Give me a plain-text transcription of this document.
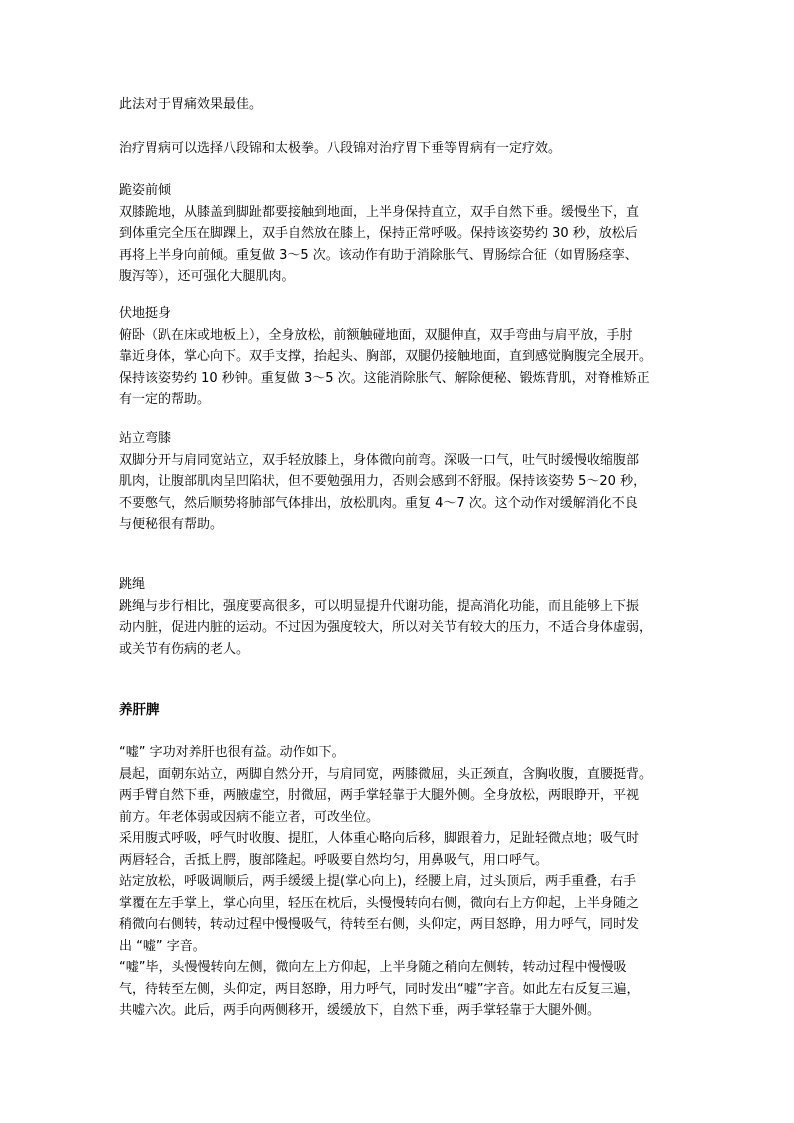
此法对于胃痛效果最佳。
治疗胃病可以选择八段锦和太极拳。八段锦对治疗胃下垂等胃病有一定疗效。
跪姿前倾
双膝跪地，从膝盖到脚趾都要接触到地面，上半身保持直立，双手自然下垂。缓慢坐下，直
到体重完全压在脚踝上，双手自然放在膝上，保持正常呼吸。保持该姿势约 30 秒，放松后
再将上半身向前倾。重复做 3～5 次。该动作有助于消除胀气、胃肠综合征（如胃肠痉挛、
腹泻等），还可强化大腿肌肉。
伏地挺身
俯卧（趴在床或地板上），全身放松，前额触碰地面，双腿伸直，双手弯曲与肩平放，手肘
靠近身体，掌心向下。双手支撑，抬起头、胸部，双腿仍接触地面，直到感觉胸腹完全展开。
保持该姿势约 10 秒钟。重复做 3～5 次。这能消除胀气、解除便秘、锻炼背肌，对脊椎矫正
有一定的帮助。
站立弯膝
双脚分开与肩同宽站立，双手轻放膝上，身体微向前弯。深吸一口气，吐气时缓慢收缩腹部
肌肉，让腹部肌肉呈凹陷状，但不要勉强用力，否则会感到不舒服。保持该姿势 5～20 秒，
不要憋气，然后顺势将肺部气体排出，放松肌肉。重复 4～7 次。这个动作对缓解消化不良
与便秘很有帮助。
跳绳
跳绳与步行相比，强度要高很多，可以明显提升代谢功能，提高消化功能，而且能够上下振
动内脏，促进内脏的运动。不过因为强度较大，所以对关节有较大的压力，不适合身体虚弱，
或关节有伤病的老人。
养肝脾
“嘘” 字功对养肝也很有益。动作如下。
晨起，面朝东站立，两脚自然分开，与肩同宽，两膝微屈，头正颈直，含胸收腹，直腰挺背。
两手臂自然下垂，两腋虚空，肘微屈，两手掌轻靠于大腿外侧。全身放松，两眼睁开，平视
前方。年老体弱或因病不能立者，可改坐位。
采用腹式呼吸，呼气时收腹、提肛，人体重心略向后移，脚跟着力，足趾轻微点地；吸气时
两唇轻合，舌抵上腭，腹部隆起。呼吸要自然均匀，用鼻吸气，用口呼气。
站定放松，呼吸调顺后，两手缓缓上提(掌心向上)，经腰上肩，过头顶后，两手重叠，右手
掌覆在左手掌上，掌心向里，轻压在枕后，头慢慢转向右侧，微向右上方仰起，上半身随之
稍微向右侧转，转动过程中慢慢吸气，待转至右侧，头仰定，两目怒睁，用力呼气，同时发
出 “嘘” 字音。
“嘘”毕，头慢慢转向左侧，微向左上方仰起，上半身随之稍向左侧转，转动过程中慢慢吸
气，待转至左侧，头仰定，两目怒睁，用力呼气，同时发出“嘘”字音。如此左右反复三遍，
共嘘六次。此后，两手向两侧移开，缓缓放下，自然下垂，两手掌轻靠于大腿外侧。
